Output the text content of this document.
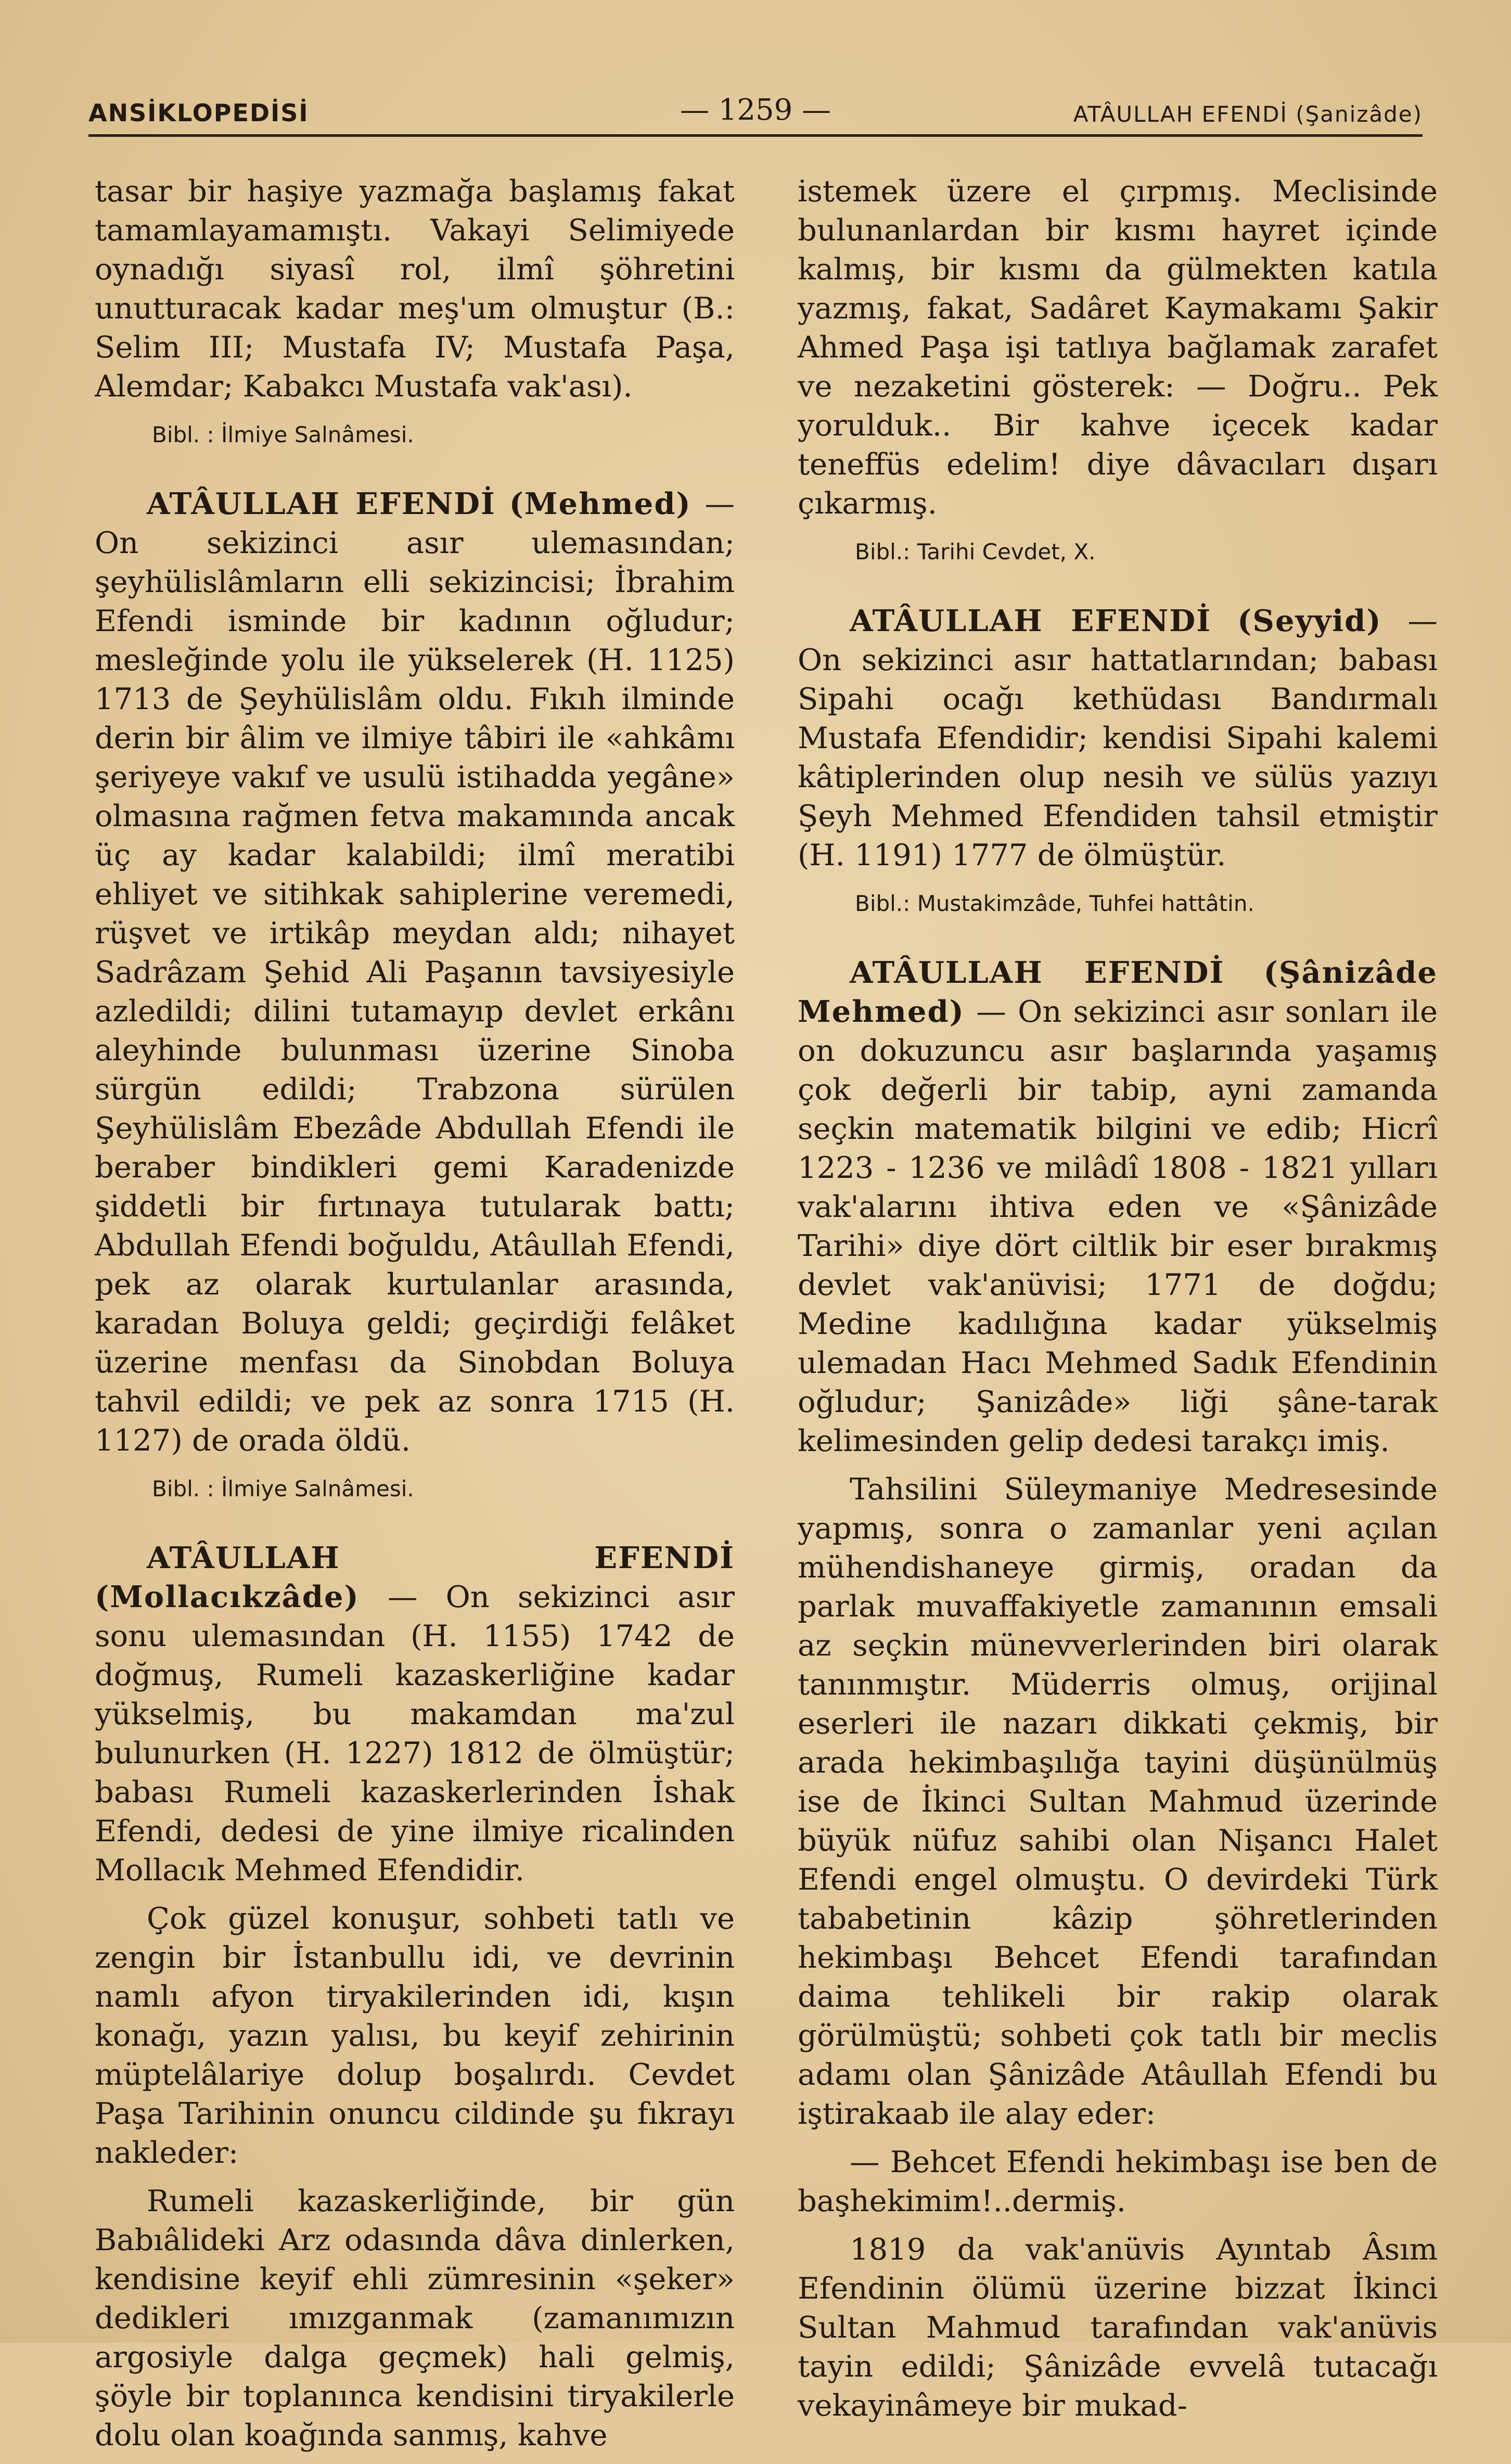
ANSİKLOPEDİSİ	— 1259 —	ATÂULLAH EFENDİ (Şanizâde)

tasar bir haşiye yazmağa başlamış fakat tamamlayamamıştı. Vakayi Selimiyede oynadığı siyasî rol, ilmî şöhretini unutturacak kadar meş'um olmuştur (B.: Selim III; Mustafa IV; Mustafa Paşa, Alemdar; Kabakcı Mustafa vak'ası).

Bibl. : İlmiye Salnâmesi.

ATÂULLAH EFENDİ (Mehmed) — On sekizinci asır ulemasından; şeyhülislâmların elli sekizincisi; İbrahim Efendi isminde bir kadının oğludur; mesleğinde yolu ile yükselerek (H. 1125) 1713 de Şeyhülislâm oldu. Fıkıh ilminde derin bir âlim ve ilmiye tâbiri ile «ahkâmı şeriyeye vakıf ve usulü istihadda yegâne» olmasına rağmen fetva makamında ancak üç ay kadar kalabildi; ilmî meratibi ehliyet ve sitihkak sahiplerine veremedi, rüşvet ve irtikâp meydan aldı; nihayet Sadrâzam Şehid Ali Paşanın tavsiyesiyle azledildi; dilini tutamayıp devlet erkânı aleyhinde bulunması üzerine Sinoba sürgün edildi; Trabzona sürülen Şeyhülislâm Ebezâde Abdullah Efendi ile beraber bindikleri gemi Karadenizde şiddetli bir fırtınaya tutularak battı; Abdullah Efendi boğuldu, Atâullah Efendi, pek az olarak kurtulanlar arasında, karadan Boluya geldi; geçirdiği felâket üzerine menfası da Sinobdan Boluya tahvil edildi; ve pek az sonra 1715 (H. 1127) de orada öldü.

Bibl. : İlmiye Salnâmesi.

ATÂULLAH EFENDİ (Mollacıkzâde) — On sekizinci asır sonu ulemasından (H. 1155) 1742 de doğmuş, Rumeli kazaskerliğine kadar yükselmiş, bu makamdan ma'zul bulunurken (H. 1227) 1812 de ölmüştür; babası Rumeli kazaskerlerinden İshak Efendi, dedesi de yine ilmiye ricalinden Mollacık Mehmed Efendidir.

Çok güzel konuşur, sohbeti tatlı ve zengin bir İstanbullu idi, ve devrinin namlı afyon tiryakilerinden idi, kışın konağı, yazın yalısı, bu keyif zehirinin müptelâlariye dolup boşalırdı. Cevdet Paşa Tarihinin onuncu cildinde şu fıkrayı nakleder:

Rumeli kazaskerliğinde, bir gün Babıâlideki Arz odasında dâva dinlerken, kendisine keyif ehli zümresinin «şeker» dedikleri ımızganmak (zamanımızın argosiyle dalga geçmek) hali gelmiş, şöyle bir toplanınca kendisini tiryakilerle dolu olan koağında sanmış, kahve

istemek üzere el çırpmış. Meclisinde bulunanlardan bir kısmı hayret içinde kalmış, bir kısmı da gülmekten katıla yazmış, fakat, Sadâret Kaymakamı Şakir Ahmed Paşa işi tatlıya bağlamak zarafet ve nezaketini gösterek: — Doğru.. Pek yorulduk.. Bir kahve içecek kadar teneffüs edelim! diye dâvacıları dışarı çıkarmış.

Bibl.: Tarihi Cevdet, X.

ATÂULLAH EFENDİ (Seyyid) — On sekizinci asır hattatlarından; babası Sipahi ocağı kethüdası Bandırmalı Mustafa Efendidir; kendisi Sipahi kalemi kâtiplerinden olup nesih ve sülüs yazıyı Şeyh Mehmed Efendiden tahsil etmiştir (H. 1191) 1777 de ölmüştür.

Bibl.: Mustakimzâde, Tuhfei hattâtin.

ATÂULLAH EFENDİ (Şânizâde Mehmed) — On sekizinci asır sonları ile on dokuzuncu asır başlarında yaşamış çok değerli bir tabip, ayni zamanda seçkin matematik bilgini ve edib; Hicrî 1223 - 1236 ve milâdî 1808 - 1821 yılları vak'alarını ihtiva eden ve «Şânizâde Tarihi» diye dört ciltlik bir eser bırakmış devlet vak'anüvisi; 1771 de doğdu; Medine kadılığına kadar yükselmiş ulemadan Hacı Mehmed Sadık Efendinin oğludur; Şanizâde» liği şâne-tarak kelimesinden gelip dedesi tarakçı imiş.

Tahsilini Süleymaniye Medresesinde yapmış, sonra o zamanlar yeni açılan mühendishaneye girmiş, oradan da parlak muvaffakiyetle zamanının emsali az seçkin münevverlerinden biri olarak tanınmıştır. Müderris olmuş, orijinal eserleri ile nazarı dikkati çekmiş, bir arada hekimbaşılığa tayini düşünülmüş ise de İkinci Sultan Mahmud üzerinde büyük nüfuz sahibi olan Nişancı Halet Efendi engel olmuştu. O devirdeki Türk tababetinin kâzip şöhretlerinden hekimbaşı Behcet Efendi tarafından daima tehlikeli bir rakip olarak görülmüştü; sohbeti çok tatlı bir meclis adamı olan Şânizâde Atâullah Efendi bu iştirakaab ile alay eder:

— Behcet Efendi hekimbaşı ise ben de başhekimim!..dermiş.

1819 da vak'anüvis Ayıntab Âsım Efendinin ölümü üzerine bizzat İkinci Sultan Mahmud tarafından vak'anüvis tayin edildi; Şânizâde evvelâ tutacağı vekayinâmeye bir mukad-
